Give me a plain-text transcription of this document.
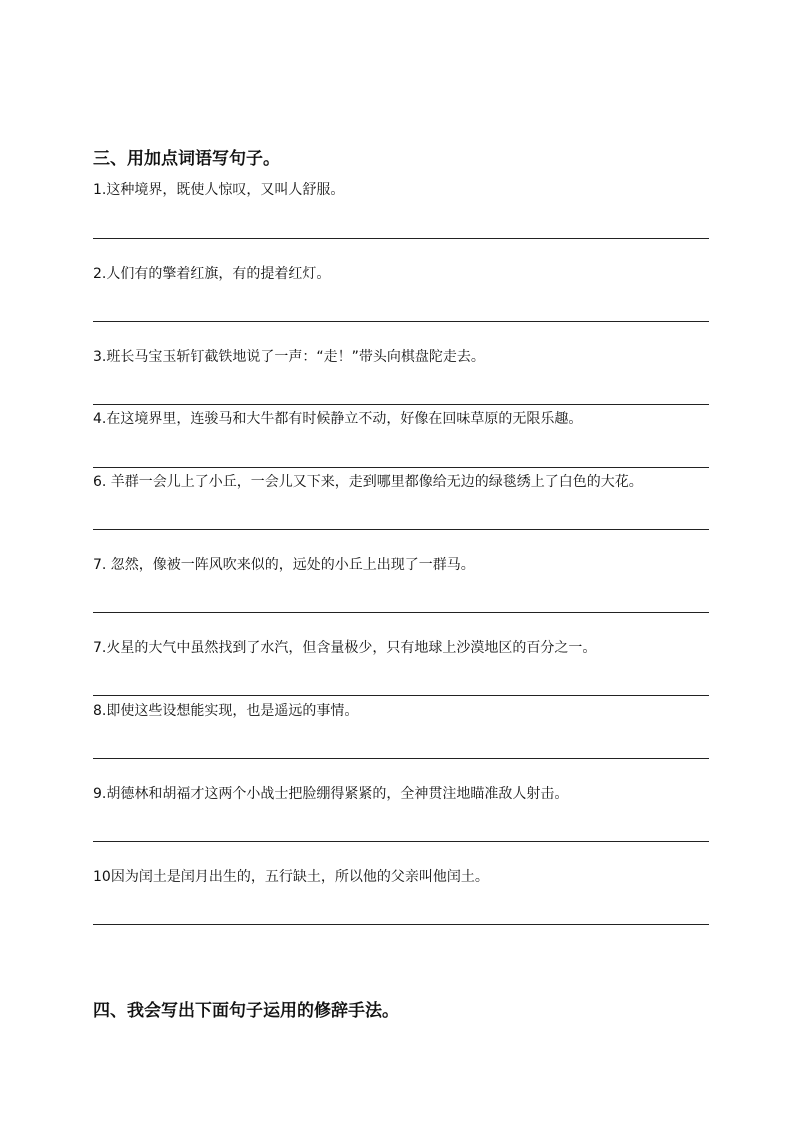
三、用加点词语写句子。
1.这种境界，既使人惊叹，又叫人舒服。
2.人们有的擎着红旗，有的提着红灯。
3.班长马宝玉斩钉截铁地说了一声：“走！”带头向棋盘陀走去。
4.在这境界里，连骏马和大牛都有时候静立不动，好像在回味草原的无限乐趣。
6. 羊群一会儿上了小丘，一会儿又下来，走到哪里都像给无边的绿毯绣上了白色的大花。
7. 忽然，像被一阵风吹来似的，远处的小丘上出现了一群马。
7.火星的大气中虽然找到了水汽，但含量极少，只有地球上沙漠地区的百分之一。
8.即使这些设想能实现，也是遥远的事情。
9.胡德林和胡福才这两个小战士把脸绷得紧紧的，全神贯注地瞄准敌人射击。
10因为闰土是闰月出生的，五行缺土，所以他的父亲叫他闰土。
四、我会写出下面句子运用的修辞手法。
